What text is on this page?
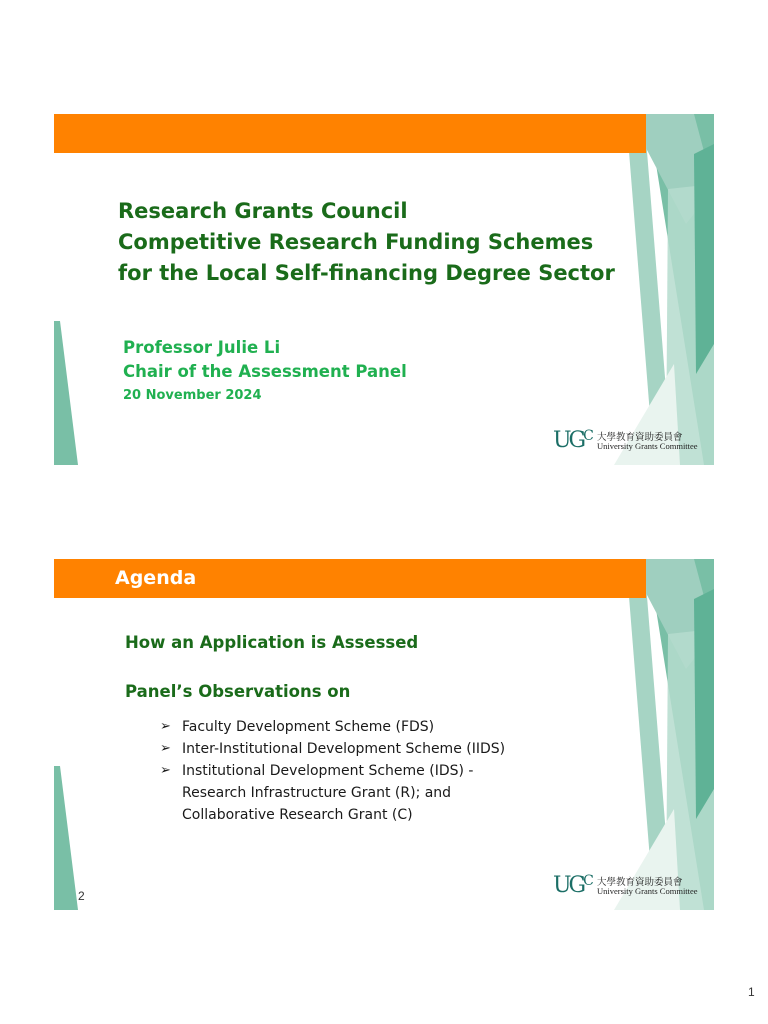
Research Grants Council
Competitive Research Funding Schemes
for the Local Self-financing Degree Sector
Professor Julie Li
Chair of the Assessment Panel
20 November 2024
$UG^C$ 大學教育資助委員會
University Grants Committee
Agenda
How an Application is Assessed
Panel’s Observations on
➢ Faculty Development Scheme (FDS)
➢ Inter-Institutional Development Scheme (IIDS)
➢ Institutional Development Scheme (IDS) -
Research Infrastructure Grant (R); and
Collaborative Research Grant (C)
2	$UG^C$ 大學教育資助委員會
University Grants Committee
1
